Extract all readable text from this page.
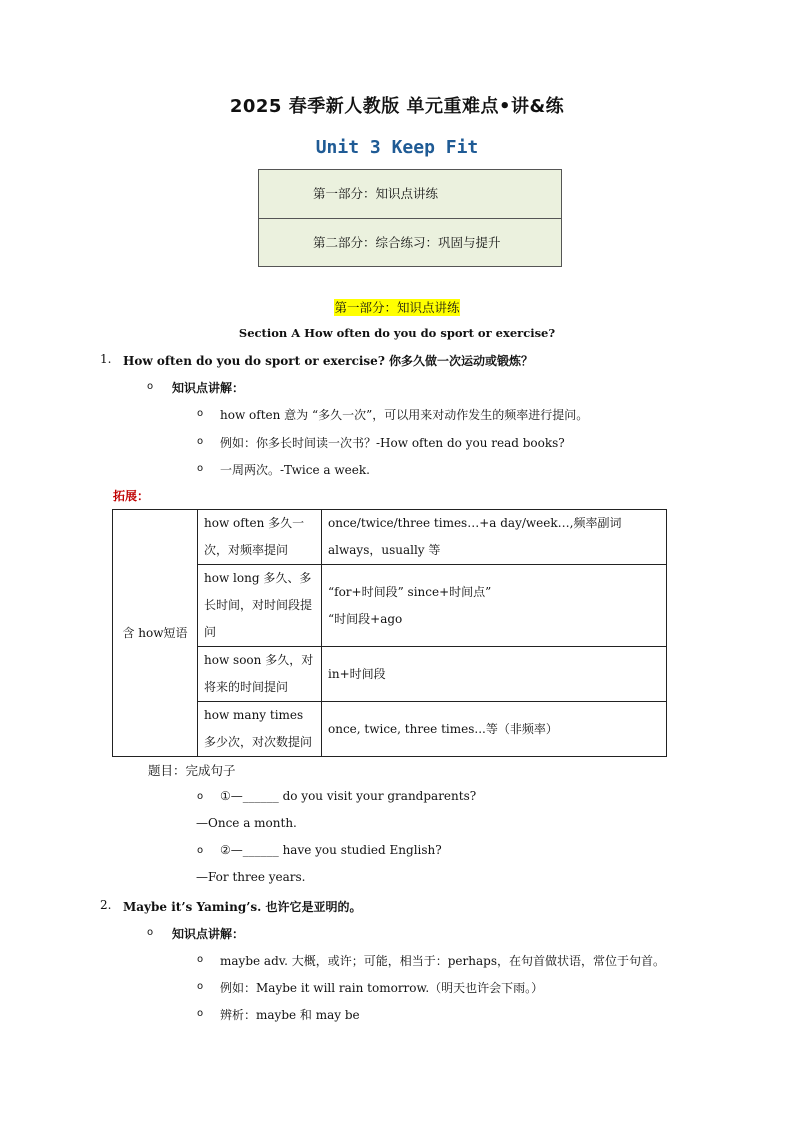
2025 春季新人教版 单元重难点•讲&练
Unit 3 Keep Fit
第一部分：知识点讲练
第二部分：综合练习：巩固与提升
第一部分：知识点讲练
Section A How often do you do sport or exercise?
1. How often do you do sport or exercise? 你多久做一次运动或锻炼？
o 知识点讲解：
o how often 意为 “多久一次”，可以用来对动作发生的频率进行提问。
o 例如：你多长时间读一次书？-How often do you read books?
o 一周两次。-Twice a week.
拓展：
含 how短语	how often 多久一次，对频率提问	once/twice/three times…+a day/week…,频率副词always，usually 等
	how long 多久、多长时间，对时间段提问	“for+时间段” since+时间点”
“时间段+ago

	how soon 多久，对将来的时间提问	in+时间段
	how many times 多少次，对次数提问	once, twice, three times...等（非频率）
题目：完成句子
o ①—______ do you visit your grandparents?
—Once a month.
o ②—______ have you studied English?
—For three years.
2. Maybe it’s Yaming’s. 也许它是亚明的。
o 知识点讲解：
o maybe adv. 大概，或许；可能，相当于：perhaps，在句首做状语，常位于句首。
o 例如：Maybe it will rain tomorrow.（明天也许会下雨。）
o 辨析：maybe 和 may be
